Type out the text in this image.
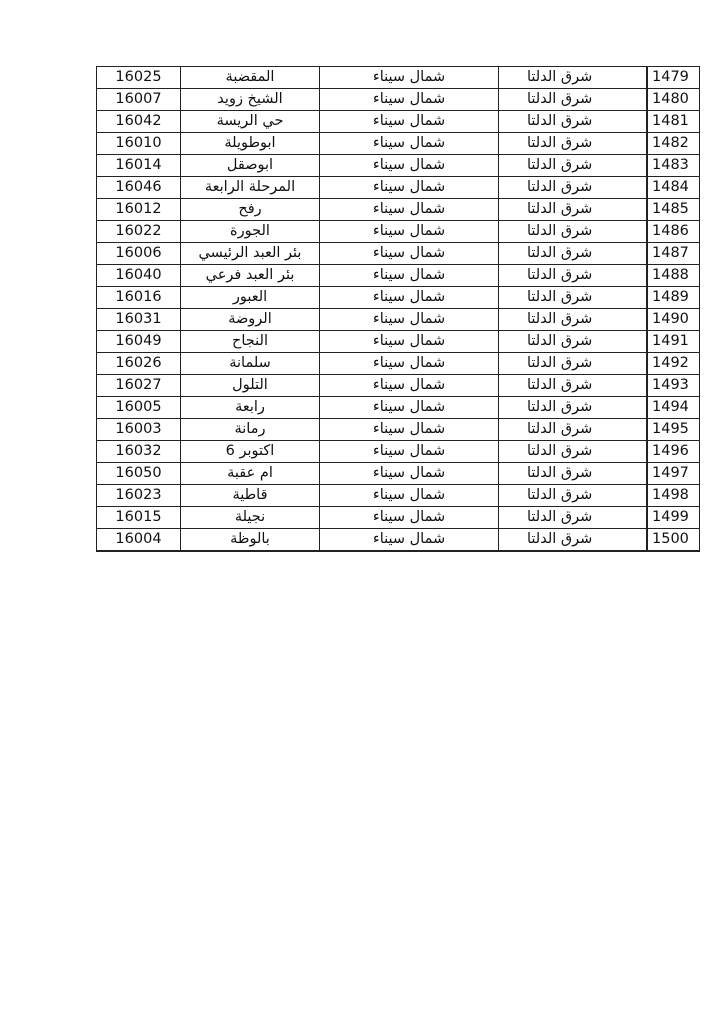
16025	المقضبة	شمال سيناء	شرق الدلتا	1479
16007	الشيخ زويد	شمال سيناء	شرق الدلتا	1480
16042	حي الريسة	شمال سيناء	شرق الدلتا	1481
16010	ابوطويلة	شمال سيناء	شرق الدلتا	1482
16014	ابوصقل	شمال سيناء	شرق الدلتا	1483
16046	المرحلة الرابعة	شمال سيناء	شرق الدلتا	1484
16012	رفح	شمال سيناء	شرق الدلتا	1485
16022	الجورة	شمال سيناء	شرق الدلتا	1486
16006	بئر العبد الرئيسي	شمال سيناء	شرق الدلتا	1487
16040	بئر العبد فرعي	شمال سيناء	شرق الدلتا	1488
16016	العبور	شمال سيناء	شرق الدلتا	1489
16031	الروضة	شمال سيناء	شرق الدلتا	1490
16049	النجاح	شمال سيناء	شرق الدلتا	1491
16026	سلمانة	شمال سيناء	شرق الدلتا	1492
16027	التلول	شمال سيناء	شرق الدلتا	1493
16005	رابعة	شمال سيناء	شرق الدلتا	1494
16003	رمانة	شمال سيناء	شرق الدلتا	1495
16032	اكتوبر 6	شمال سيناء	شرق الدلتا	1496
16050	ام عقبة	شمال سيناء	شرق الدلتا	1497
16023	قاطية	شمال سيناء	شرق الدلتا	1498
16015	نجيلة	شمال سيناء	شرق الدلتا	1499
16004	بالوظة	شمال سيناء	شرق الدلتا	1500
